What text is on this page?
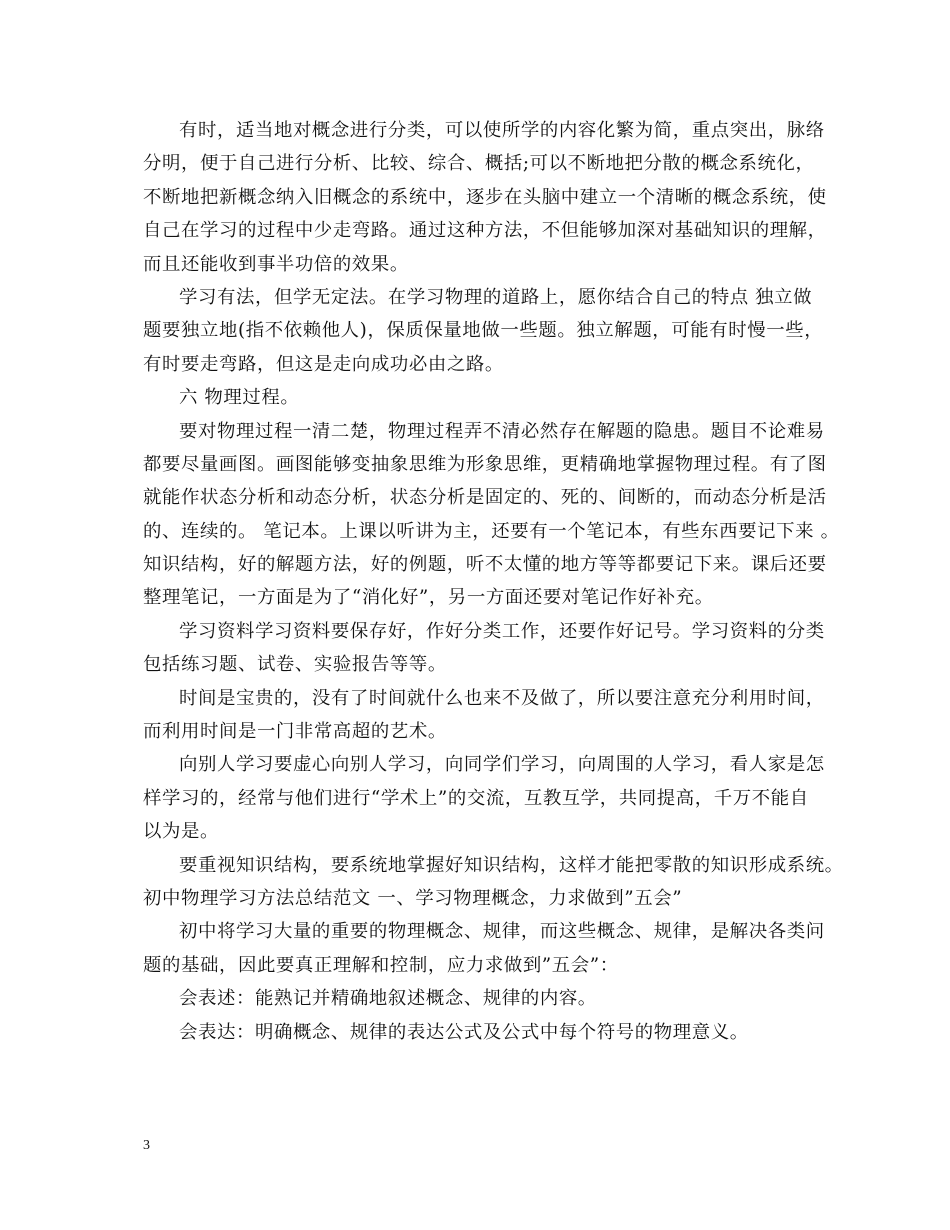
有时，适当地对概念进行分类，可以使所学的内容化繁为简，重点突出，脉络
分明，便于自己进行分析、比较、综合、概括;可以不断地把分散的概念系统化，
不断地把新概念纳入旧概念的系统中，逐步在头脑中建立一个清晰的概念系统，使
自己在学习的过程中少走弯路。通过这种方法，不但能够加深对基础知识的理解，
而且还能收到事半功倍的效果。
学习有法，但学无定法。在学习物理的道路上，愿你结合自己的特点 独立做
题要独立地(指不依赖他人)，保质保量地做一些题。独立解题，可能有时慢一些，
有时要走弯路，但这是走向成功必由之路。
六 物理过程。
要对物理过程一清二楚，物理过程弄不清必然存在解题的隐患。题目不论难易
都要尽量画图。画图能够变抽象思维为形象思维，更精确地掌握物理过程。有了图
就能作状态分析和动态分析，状态分析是固定的、死的、间断的，而动态分析是活
的、连续的。 笔记本。上课以听讲为主，还要有一个笔记本，有些东西要记下来 。
知识结构，好的解题方法，好的例题，听不太懂的地方等等都要记下来。课后还要
整理笔记，一方面是为了“消化好”，另一方面还要对笔记作好补充。
学习资料学习资料要保存好，作好分类工作，还要作好记号。学习资料的分类
包括练习题、试卷、实验报告等等。
时间是宝贵的，没有了时间就什么也来不及做了，所以要注意充分利用时间，
而利用时间是一门非常高超的艺术。
向别人学习要虚心向别人学习，向同学们学习，向周围的人学习，看人家是怎
样学习的，经常与他们进行“学术上”的交流，互教互学，共同提高，千万不能自
以为是。
要重视知识结构，要系统地掌握好知识结构，这样才能把零散的知识形成系统。
初中物理学习方法总结范文 一、学习物理概念，力求做到”五会”
初中将学习大量的重要的物理概念、规律，而这些概念、规律，是解决各类问
题的基础，因此要真正理解和控制，应力求做到”五会”：
会表述：能熟记并精确地叙述概念、规律的内容。
会表达：明确概念、规律的表达公式及公式中每个符号的物理意义。
3
